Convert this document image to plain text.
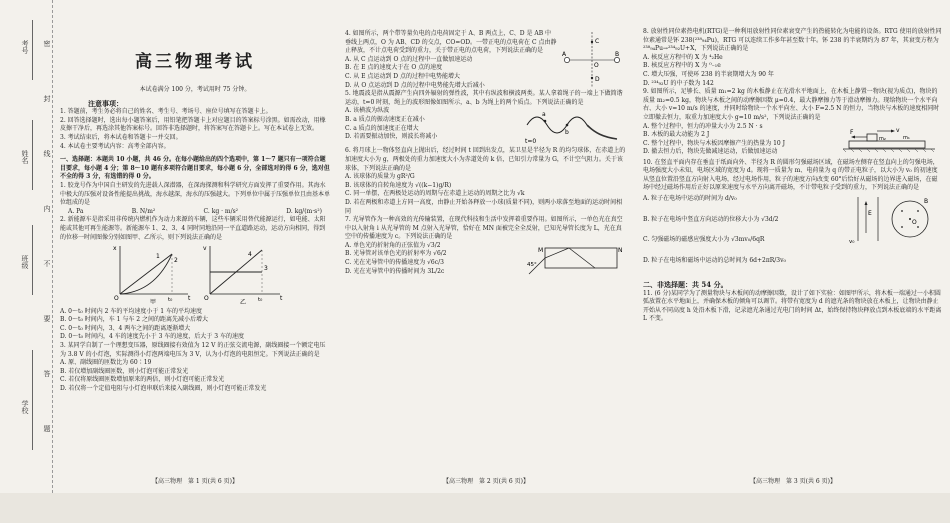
考号
姓名
班级
学校
密
封
线
内
不
要
答
题
高三物理考试
本试卷满分 100 分，考试用时 75 分钟。

注意事项：

1. 答题前，考生务必将自己的姓名、考生号、考场号、座位号填写在答题卡上。

2. 回答选择题时，选出每小题答案后，用铅笔把答题卡上对应题目的答案标号涂黑。如需改动，用橡皮擦干净后，再选涂其他答案标号。回答非选择题时，将答案写在答题卡上。写在本试卷上无效。

3. 考试结束后，将本试卷和答题卡一并交回。

4. 本试卷主要考试内容：高考全部内容。

一、选择题：本题共 10 小题，共 46 分。在每小题给出的四个选项中，第 1～7 题只有一项符合题目要求，每小题 4 分；第 8～10 题有多项符合题目要求，每小题 6 分，全部选对的得 6 分，选对但不全的得 3 分，有选错的得 0 分。

1. 胶龙号作为中国自主研发的先进载人深潜器，在深海探测和科学研究方面发挥了重要作用。其海水中极大的压强对设备性能提出挑战，海水越深，海水的压强越大。下列单位中属于压强单位且由基本单位组成的是

A. Pa	B. N/m²	C. kg · m/s²	D. kg/(m·s²)

2. 新能源车是指采用非传统内燃机作为动力来源的车辆，这些车辆采用替代能源运行，如电能、太阳能或其他可再生能源等。新能源车 1、2、3、4 同时同地沿同一平直道路运动，运动方向相同，得到的位移一时间图像分别如图甲、乙所示，则下列说法正确的是

x
O	t
t₀
1
2
甲
v
O	t
t₀
3
4
乙

A. 0～t₀ 时间内 2 车的平均速度小于 1 车的平均速度

B. 0～t₀ 时间内，车 1 与车 2 之间的距离先减小后增大

C. 0～t₀ 时间内，3、4 两车之间的距离逐渐增大

D. 0～t₀ 时间内，4 车的速度先小于 3 车的速度，后大于 3 车的速度

3. 某同学自制了一个理想变压器，原线圈接有效值为 12 V 的正弦交流电源，副线圈接一个额定电压为 3.8 V 的小灯泡，实际测得小灯泡两端电压为 3 V，认为小灯泡的电阻恒定。下列说法正确的是

A. 原、副线圈的匝数比为 60∶19

B. 若仅增加副线圈匝数，则小灯泡可能正常发光

C. 若仅将原线圈匝数增加原来的两倍，则小灯泡可能正常发光

D. 若仅将一个定值电阻与小灯泡串联后来接入副线圈，则小灯泡可能正常发光

【高三物理　第 1 页(共 6 页)】

4. 如图所示，两个带等量负电的点电荷固定于 A、B 两点上，C、D 是 AB 中垂线上两点，O 为 AB、CD 的交点，CO=OD。一带正电的点电荷在 C 点由静止释放，不计点电荷受到的重力，关于带正电的点电荷，下列说法正确的是

A	B
C
D
O

A. 从 C 点运动到 O 点的过程中一直做加速运动

B. 在 E 点的速度大于在 O 点的速度

C. 从 E 点运动到 D 点的过程中电势能增大

D. 从 O 点运动到 D 点的过程中电势能先增大后减小

5. 地震波是指从震源产生向四外辐射的弹性波，其中有纵波和横波两类。某人拿着绳子的一端上下做简谐运动，t=0 时刻，绳上的波形图像如图所示，a、b 为绳上的两个质点。下列说法正确的是

A. 该横波为纵波

B. a 质点的振动速度正在减小

C. a 质点的加速度正在增大

D. 若需要振动加快，则波长将减小

t=0
a
b

6. 将月球上一物体竖直向上抛出后，经过时间 t 回到出发点，某卫星是半径为 R 的均匀球体，在赤道上的加速度大小为 g，两极处的重力加速度大小为赤道处的 k 倍，已知引力常量为 G，不计空气阻力。关于该球体，下列说法正确的是

A. 该球体的质量为 gR²/G

B. 该球体的自转角速度为 √((k−1)g/R)

C. 同一单摆，在两极处运动的周期与在赤道上运动的周期之比为 √k

D. 若在两极和赤道上方同一高度，由静止开始各释放一小球(质量不同)，则两小球落至地面的运动时间相同

7. 光导管作为一种高效的光传输装置，在现代科技和生活中发挥着重要作用。如图所示，一单色光在真空中以入射角 i 从光导管的 M 点射入光导管，恰好在 MN 面被完全全反射，已知光导管长度为 L，光在真空中的传播速度为 c。下列说法正确的是

A. 单色光的折射角的正弦值为 √3/2

B. 光导管对该单色光的折射率为 √6/2

C. 光在光导管中的传播速度为 √6c/3

D. 光在光导管中的传播时间为 3L/2c

M	N
45°
【高三物理　第 2 页(共 6 页)】

8. 放射性同位素热电机(RTG)是一种利用放射性同位素衰变产生的热能转化为电能的设备。RTG 使用的放射性同位素通常是钚 238(²³⁸₉₄Pu)，RTG 可以连续工作多年甚至数十年。钚 238 的半衰期约为 87 年，其衰变方程为 ²³⁸₉₄Pu→²³⁴₉₂U+X，下列说法正确的是

A. 核反应方程中的 X 为 ⁴₂He

B. 核反应方程中的 X 为 ⁰₋₁e

C. 增大压强，可使环 238 的半衰期增大为 90 年

D. ²³⁴₉₂U 的中子数为 142

9. 如图所示，足够长、质量 m₁=2 kg 的木板静止在光滑水平地面上，在木板上静置一物块(视为质点)，物块的质量 m₂=0.5 kg，物块与木板之间的动摩擦因数 μ=0.4，最大静摩擦力等于滑动摩擦力。现给物块一个水平向右、大小 v=10 m/s 的速度，并同时给物块一个水平向左、大小 F=2.5 N 的恒力，当物块与木板的速度相同时立即撤去恒力，取重力加速度大小 g=10 m/s²，下列说法正确的是

A. 整个过程中，恒力的冲量大小为 2.5 N · s

B. 木板的最大动能为 2 J

C. 整个过程中，物块与木板因摩擦产生的热量为 10 J

D. 撤去恒力后，物块先做减速运动，后做加速运动

F	v
m₁
m₂

10. 在竖直平面内存在垂直于纸面向外、半径为 R 的圆形匀强磁场区域，在磁场左侧存在竖直向上的匀强电场，电场强度大小未知，电场区域的宽度为 d。现将一质量为 m、电荷量为 q 的带正电粒子，以大小为 v₀ 的初速度从竖直位置沿竖直方向射入电场，经过电场作用，粒子的速度方向改变 60°后恰好从磁场的边界进入磁场，在磁场中经过磁场作用后正好以原来速度与水平方向离开磁场，不计带电粒子受到的重力，下列说法正确的是

A. 粒子在电场中运动的时间为 d/v₀

B. 粒子在电场中竖直方向运动的位移大小为 √3d/2

C. 匀强磁场的磁感应强度大小为 √3mv₀/6qR

D. 粒子在电场和磁场中运动的总时间为 6d+2πR/3v₀

E
B
O
v₀

二、非选择题：共 54 分。

11. (6 分)某同学为了测量物块与木板间的动摩擦因数，设计了如下实验：如图甲所示，将木板一端通过一小积圆弧放置在水平地面上，并确保木板的倾角可以调节。将带有宽度为 d 的遮光条的物块放在木板上，让物块由静止开始从不同高度 h 处沿木板下滑，记录遮光条通过光电门的时间 Δt，始终保持物块释放点到木板底端的水平距离 L 不变。

【高三物理　第 3 页(共 6 页)】
